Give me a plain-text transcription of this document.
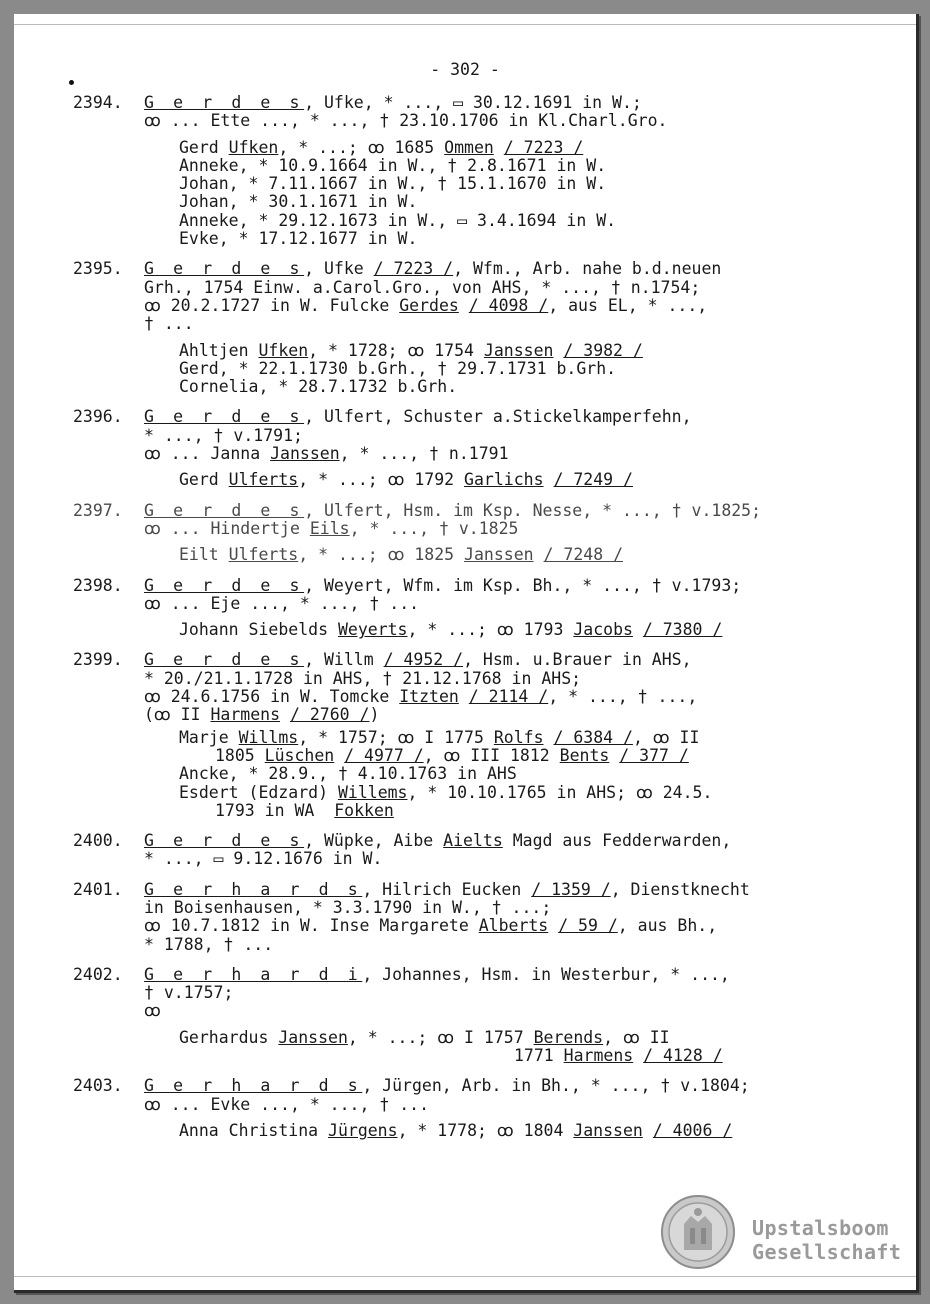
- 302 -
2394. G e r d e s, Ufke, * ..., ▭ 30.12.1691 in W.;
ꝏ ... Ette ..., * ..., † 23.10.1706 in Kl.Charl.Gro.
Gerd Ufken, * ...; ꝏ 1685 Ommen / 7223 /
Anneke, * 10.9.1664 in W., † 2.8.1671 in W.
Johan, * 7.11.1667 in W., † 15.1.1670 in W.
Johan, * 30.1.1671 in W.
Anneke, * 29.12.1673 in W., ▭ 3.4.1694 in W.
Evke, * 17.12.1677 in W.
2395. G e r d e s, Ufke / 7223 /, Wfm., Arb. nahe b.d.neuen
Grh., 1754 Einw. a.Carol.Gro., von AHS, * ..., † n.1754;
ꝏ 20.2.1727 in W. Fulcke Gerdes / 4098 /, aus EL, * ...,
† ...
Ahltjen Ufken, * 1728; ꝏ 1754 Janssen / 3982 /
Gerd, * 22.1.1730 b.Grh., † 29.7.1731 b.Grh.
Cornelia, * 28.7.1732 b.Grh.
2396. G e r d e s, Ulfert, Schuster a.Stickelkamperfehn,
* ..., † v.1791;
ꝏ ... Janna Janssen, * ..., † n.1791
Gerd Ulferts, * ...; ꝏ 1792 Garlichs / 7249 /
2397. G e r d e s, Ulfert, Hsm. im Ksp. Nesse, * ..., † v.1825;
ꝏ ... Hindertje Eils, * ..., † v.1825
Eilt Ulferts, * ...; ꝏ 1825 Janssen / 7248 /
2398. G e r d e s, Weyert, Wfm. im Ksp. Bh., * ..., † v.1793;
ꝏ ... Eje ..., * ..., † ...
Johann Siebelds Weyerts, * ...; ꝏ 1793 Jacobs / 7380 /
2399. G e r d e s, Willm / 4952 /, Hsm. u.Brauer in AHS,
* 20./21.1.1728 in AHS, † 21.12.1768 in AHS;
ꝏ 24.6.1756 in W. Tomcke Itzten / 2114 /, * ..., † ...,
(ꝏ II Harmens / 2760 /)
Marje Willms, * 1757; ꝏ I 1775 Rolfs / 6384 /, ꝏ II
1805 Lüschen / 4977 /, ꝏ III 1812 Bents / 377 /
Ancke, * 28.9., † 4.10.1763 in AHS
Esdert (Edzard) Willems, * 10.10.1765 in AHS; ꝏ 24.5.
1793 in WA  Fokken
2400. G e r d e s, Wüpke, Aibe Aielts Magd aus Fedderwarden,
* ..., ▭ 9.12.1676 in W.
2401. G e r h a r d s, Hilrich Eucken / 1359 /, Dienstknecht
in Boisenhausen, * 3.3.1790 in W., † ...;
ꝏ 10.7.1812 in W. Inse Margarete Alberts / 59 /, aus Bh.,
* 1788, † ...
2402. G e r h a r d i, Johannes, Hsm. in Westerbur, * ...,
† v.1757;
ꝏ
Gerhardus Janssen, * ...; ꝏ I 1757 Berends, ꝏ II
1771 Harmens / 4128 /
2403. G e r h a r d s, Jürgen, Arb. in Bh., * ..., † v.1804;
ꝏ ... Evke ..., * ..., † ...
Anna Christina Jürgens, * 1778; ꝏ 1804 Janssen / 4006 /
Upstalsboom
Gesellschaft
